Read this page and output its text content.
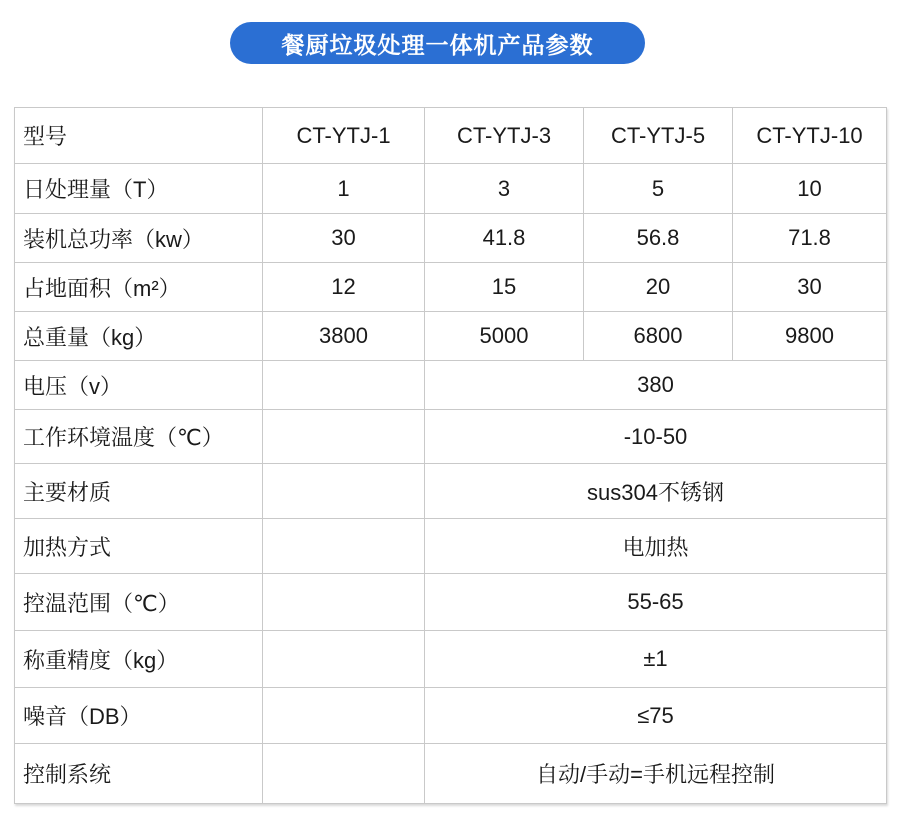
餐厨垃圾处理一体机产品参数
型号	CT-YTJ-1	CT-YTJ-3	CT-YTJ-5	CT-YTJ-10
日处理量（T）	1	3	5	10
装机总功率（kw）	30	41.8	56.8	71.8
占地面积（m²）	12	15	20	30
总重量（kg）	3800	5000	6800	9800
电压（v）		380		
工作环境温度（℃）		-10-50		
主要材质		sus304不锈钢		
加热方式		电加热		
控温范围（℃）		55-65		
称重精度（kg）		±1		
噪音（DB）		≤75		
控制系统		自动/手动=手机远程控制		
